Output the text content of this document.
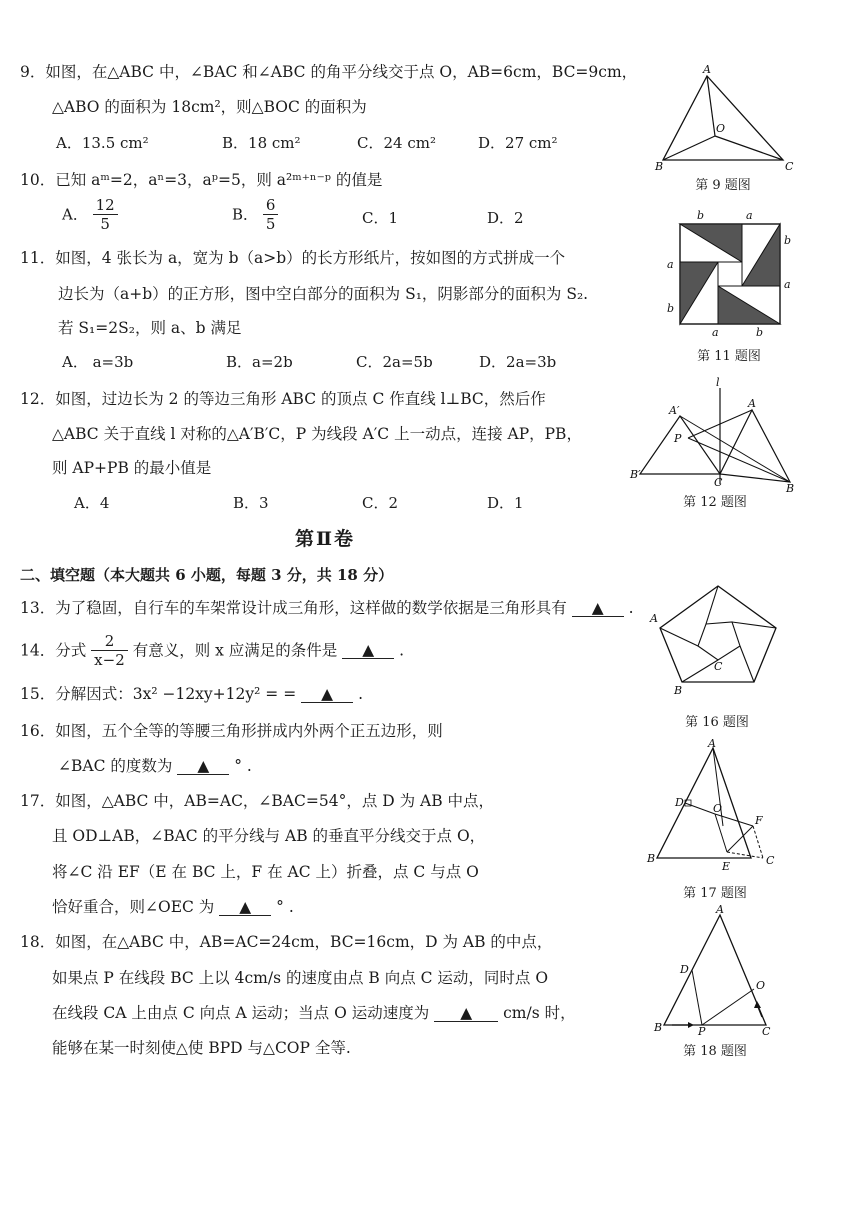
9．如图，在△ABC 中，∠BAC 和∠ABC 的角平分线交于点 O，AB=6cm，BC=9cm，
△ABO 的面积为 18cm²，则△BOC 的面积为
A．13.5 cm²	B．18 cm²	C．24 cm²	D．27 cm²
A
O
B	C
第 9 题图
10．已知 aᵐ=2，aⁿ=3，aᵖ=5，则 a²ᵐ⁺ⁿ⁻ᵖ 的值是
A． $\frac{12}{5}$	B． $\frac{6}{5}$	C．1	D．2
11．如图，4 张长为 a，宽为 b（a>b）的长方形纸片，按如图的方式拼成一个
边长为（a+b）的正方形，图中空白部分的面积为 S₁，阴影部分的面积为 S₂.
若 S₁=2S₂，则 a、b 满足
A． a=3b	B．a=2b	C．2a=5b	D．2a=3b
b	a
b
a
a
b
a	b
第 11 题图
12．如图，过边长为 2 的等边三角形 ABC 的顶点 C 作直线 l⊥BC，然后作
△ABC 关于直线 l 对称的△A′B′C，P 为线段 A′C 上一动点，连接 AP，PB，
则 AP+PB 的最小值是
A．4	B．3	C．2	D．1
l
A′
A
P
B′
C	B
第 12 题图
第Ⅱ卷
二、填空题（本大题共 6 小题，每题 3 分，共 18 分）
13．为了稳固，自行车的车架常设计成三角形，这样做的数学依据是三角形具有 ▲ .
14．分式 $\frac{2}{x-2}$ 有意义，则 x 应满足的条件是 ▲ .
15．分解因式：3x² −12xy+12y² = = ▲ .
16．如图，五个全等的等腰三角形拼成内外两个正五边形，则
∠BAC 的度数为 ▲ ° .
A
C
B
第 16 题图
17．如图，△ABC 中，AB=AC，∠BAC=54°，点 D 为 AB 中点，
且 OD⊥AB，∠BAC 的平分线与 AB 的垂直平分线交于点 O，
将∠C 沿 EF（E 在 BC 上，F 在 AC 上）折叠，点 C 与点 O
恰好重合，则∠OEC 为 ▲ ° .
A
D	O
F
B
E	C
第 17 题图
18．如图，在△ABC 中，AB=AC=24cm，BC=16cm，D 为 AB 的中点，
如果点 P 在线段 BC 上以 4cm/s 的速度由点 B 向点 C 运动，同时点 O
在线段 CA 上由点 C 向点 A 运动；当点 O 运动速度为 ▲ cm/s 时，
能够在某一时刻使△使 BPD 与△COP 全等.
A
D
O
B	P	C
第 18 题图
